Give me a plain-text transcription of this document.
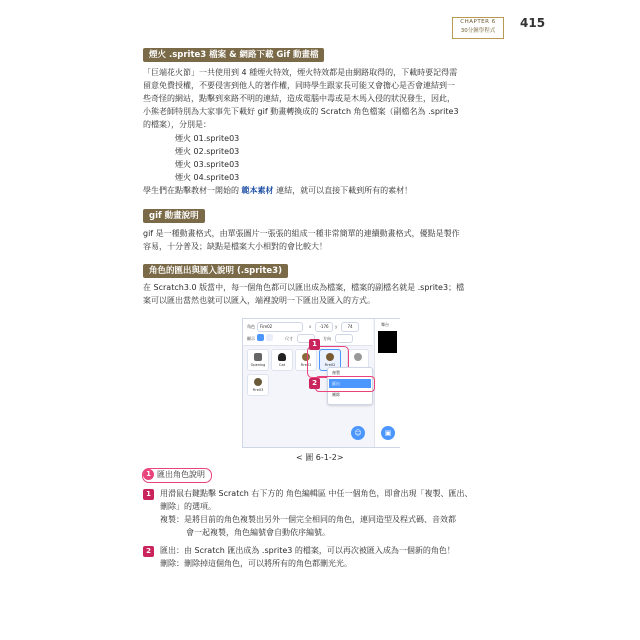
CHAPTER 6
30分鐘學程式
415
煙火 .sprite3 檔案 & 網路下載 Gif 動畫檔
「巨端花火節」一共使用到 4 種煙火特效，煙火特效都是由網路取得的，下載時要記得需
留意免費授權，不要侵害到他人的著作權，同時學生跟家長可能又會擔心是否會連結到一
些奇怪的網站，點擊到來路不明的連結，造成電腦中毒或是木馬入侵的狀況發生，因此，
小熊老師特別為大家事先下載好 gif 動畫轉換成的 Scratch 角色檔案（副檔名為 .sprite3
的檔案），分別是：
煙火 01.sprite03
煙火 02.sprite03
煙火 03.sprite03
煙火 04.sprite03
學生們在點擊教材一開始的 範本素材 連結，就可以直接下載到所有的素材！
gif 動畫說明
gif 是一種動畫格式，由單張圖片一張張的組成一種非常簡單的連續動畫格式，優點是製作
容易，十分普及；缺點是檔案大小相對的會比較大！
角色的匯出與匯入說明 (.sprite3)
在 Scratch3.0 版當中，每一個角色都可以匯出成為檔案，檔案的副檔名就是 .sprite3；檔
案可以匯出當然也就可以匯入，端裡說明一下匯出及匯入的方式。
角色	Fire02	x	-176	y	74
顯示	尺寸	方向
舞台
▣
Opening	Cat	Fire01	Fire02
Fire03
1
複製
匯出
刪除
2
☺
< 圖 6-1-2>
1 匯出角色說明
1	用滑鼠右鍵點擊 Scratch 右下方的 角色編輯區 中任一個角色，即會出現「複製、匯出、
刪除」的選項。
複製：是將目前的角色複製出另外一個完全相同的角色，連同造型及程式碼、音效都
會一起複製，角色編號會自動依序編號。
2	匯出：由 Scratch 匯出成為 .sprite3 的檔案，可以再次被匯入成為一個新的角色！
刪除：刪除掉這個角色，可以將所有的角色都刪光光。
